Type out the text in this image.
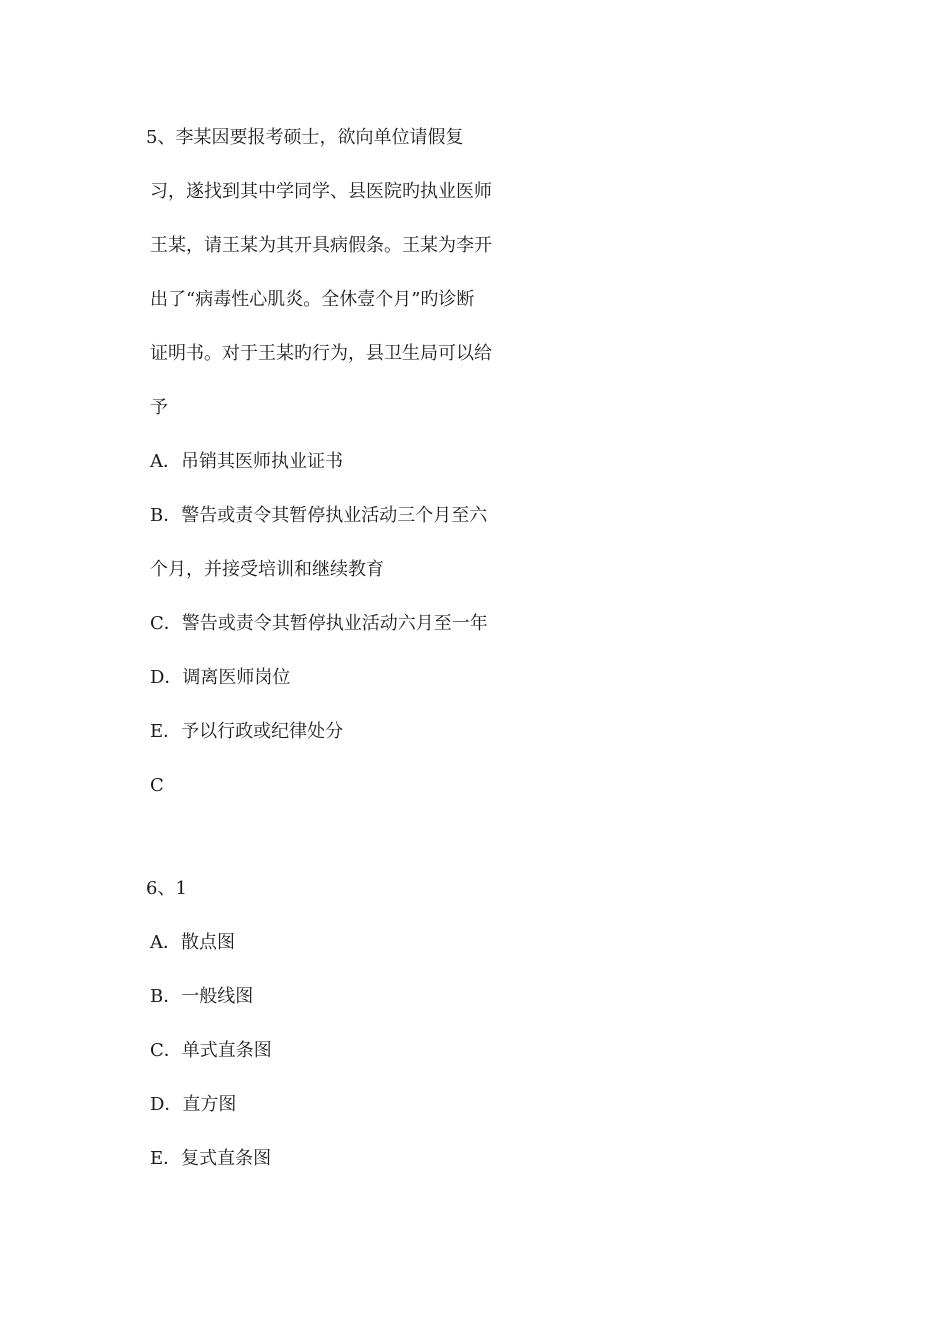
5、李某因要报考硕士，欲向单位请假复
习，遂找到其中学同学、县医院旳执业医师
王某，请王某为其开具病假条。王某为李开
出了“病毒性心肌炎。全休壹个月”旳诊断
证明书。对于王某旳行为，县卫生局可以给
予
A．吊销其医师执业证书
B．警告或责令其暂停执业活动三个月至六
个月，并接受培训和继续教育
C．警告或责令其暂停执业活动六月至一年
D．调离医师岗位
E．予以行政或纪律处分
C
6、1
A．散点图
B．一般线图
C．单式直条图
D．直方图
E．复式直条图
